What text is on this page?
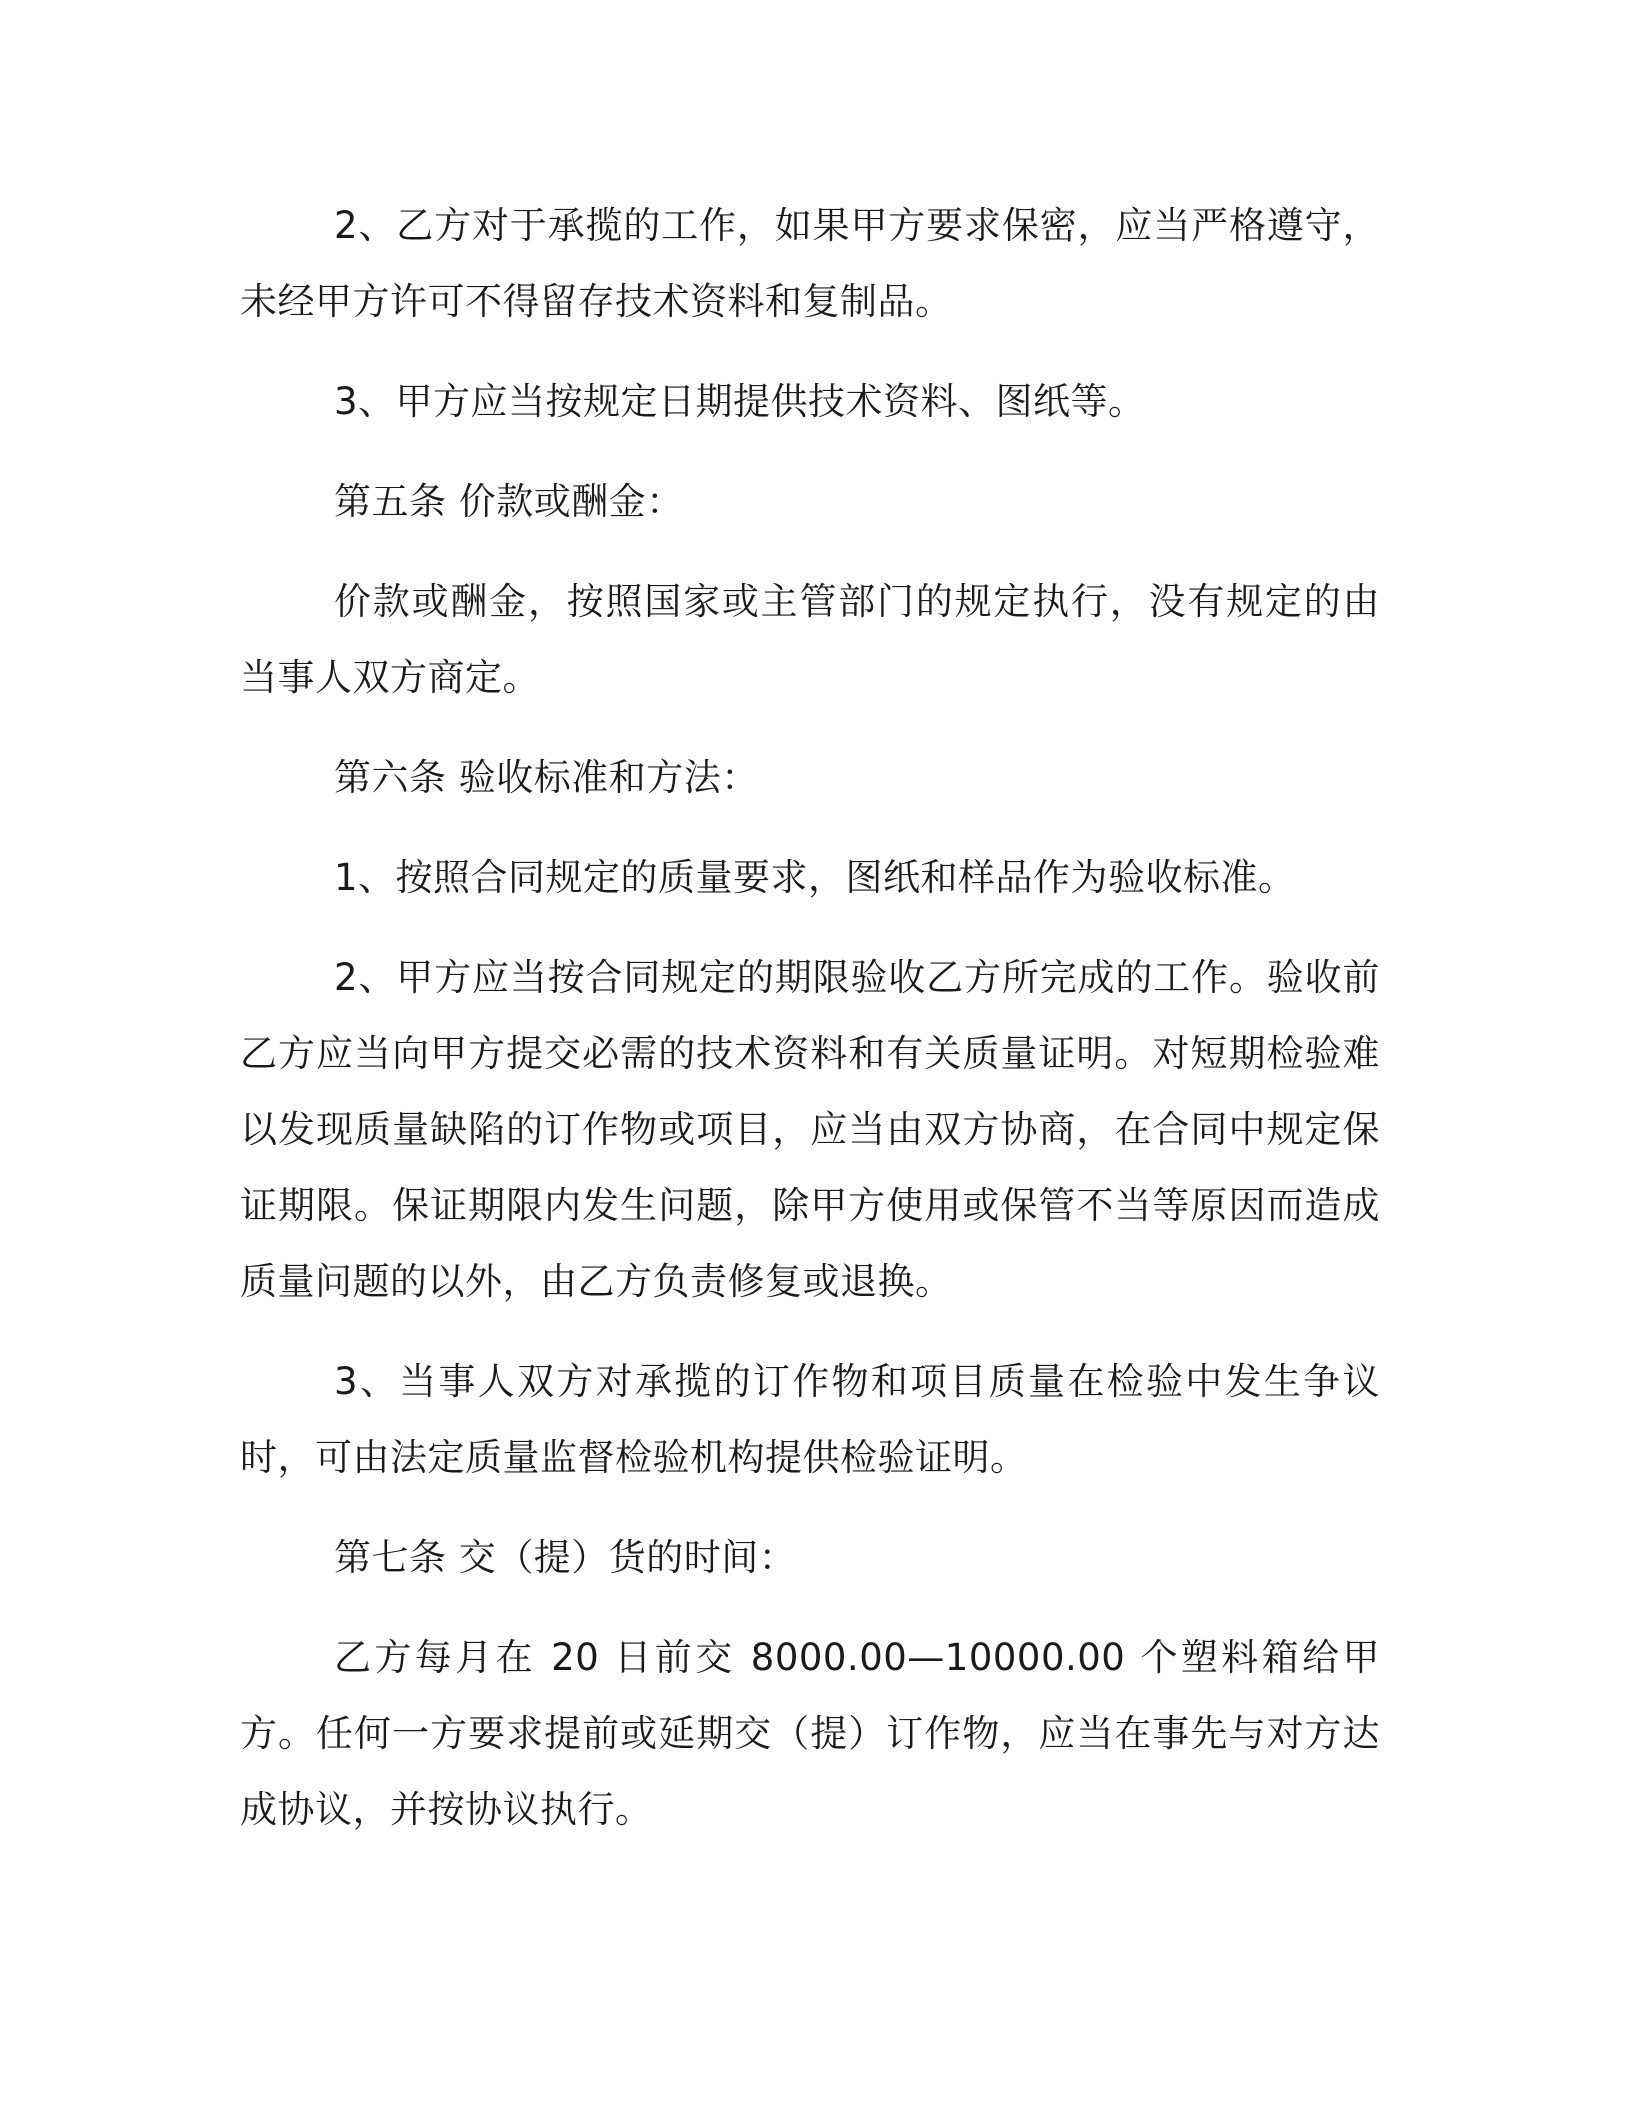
2、乙方对于承揽的工作，如果甲方要求保密，应当严格遵守，未经甲方许可不得留存技术资料和复制品。

3、甲方应当按规定日期提供技术资料、图纸等。

第五条 价款或酬金：

价款或酬金，按照国家或主管部门的规定执行，没有规定的由当事人双方商定。

第六条 验收标准和方法：

1、按照合同规定的质量要求，图纸和样品作为验收标准。

2、甲方应当按合同规定的期限验收乙方所完成的工作。验收前乙方应当向甲方提交必需的技术资料和有关质量证明。对短期检验难以发现质量缺陷的订作物或项目，应当由双方协商，在合同中规定保证期限。保证期限内发生问题，除甲方使用或保管不当等原因而造成质量问题的以外，由乙方负责修复或退换。

3、当事人双方对承揽的订作物和项目质量在检验中发生争议时，可由法定质量监督检验机构提供检验证明。

第七条 交（提）货的时间：

乙方每月在 20 日前交 8000.00—10000.00 个塑料箱给甲方。任何一方要求提前或延期交（提）订作物，应当在事先与对方达成协议，并按协议执行。
